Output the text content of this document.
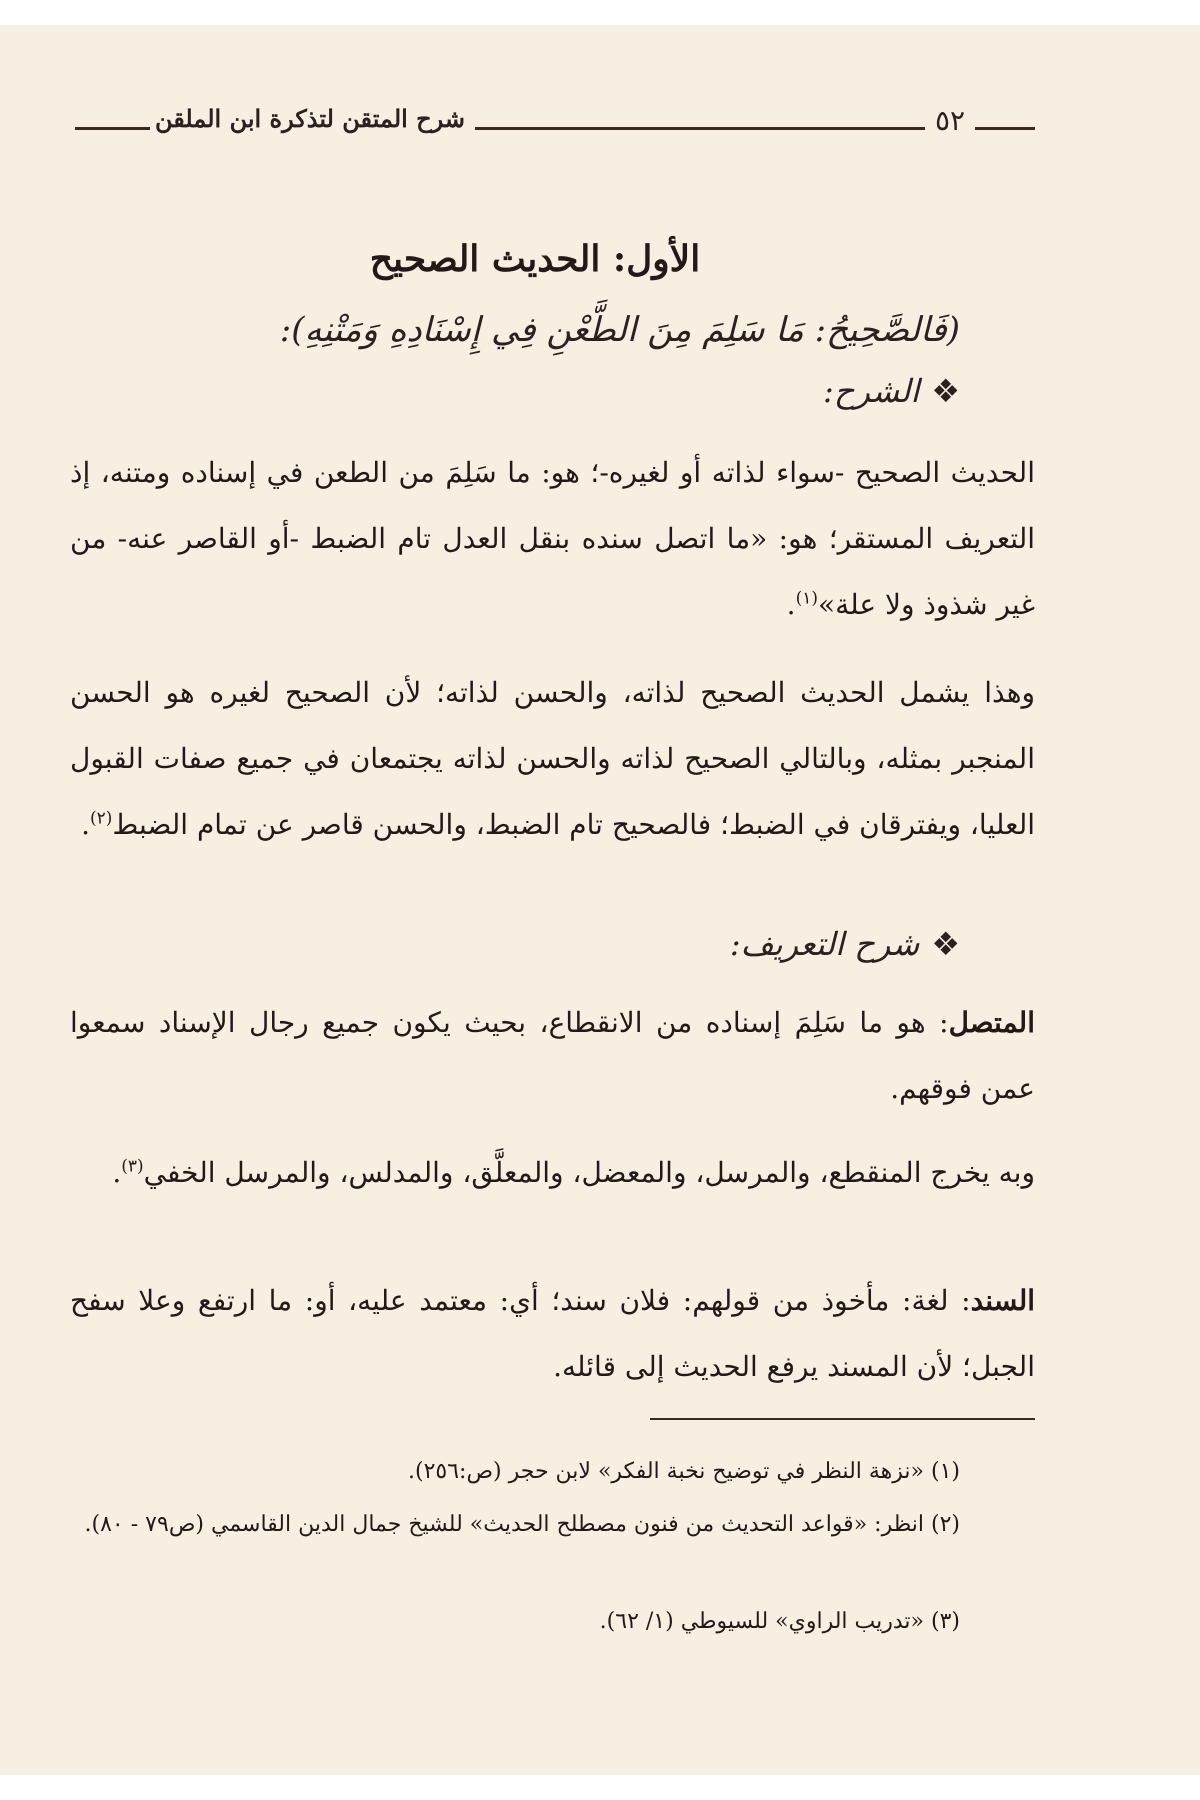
٥٢
شرح المتقن لتذكرة ابن الملقن
الأول: الحديث الصحيح
(فَالصَّحِيحُ: مَا سَلِمَ مِنَ الطَّعْنِ فِي إِسْنَادِهِ وَمَتْنِهِ):
❖الشرح:
الحديث الصحيح -سواء لذاته أو لغيره-؛ هو: ما سَلِمَ من الطعن في إسناده ومتنه، إذ التعريف المستقر؛ هو: «ما اتصل سنده بنقل العدل تام الضبط -أو القاصر عنه- من غير شذوذ ولا علة»$^{(١)}$.
وهذا يشمل الحديث الصحيح لذاته، والحسن لذاته؛ لأن الصحيح لغيره هو الحسن المنجبر بمثله، وبالتالي الصحيح لذاته والحسن لذاته يجتمعان في جميع صفات القبول العليا، ويفترقان في الضبط؛ فالصحيح تام الضبط، والحسن قاصر عن تمام الضبط$^{(٢)}$.
❖شرح التعريف:
المتصل: هو ما سَلِمَ إسناده من الانقطاع، بحيث يكون جميع رجال الإسناد سمعوا عمن فوقهم.
وبه يخرج المنقطع، والمرسل، والمعضل، والمعلَّق، والمدلس، والمرسل الخفي$^{(٣)}$.
السند: لغة: مأخوذ من قولهم: فلان سند؛ أي: معتمد عليه، أو: ما ارتفع وعلا سفح الجبل؛ لأن المسند يرفع الحديث إلى قائله.
(١) «نزهة النظر في توضيح نخبة الفكر» لابن حجر (ص:٢٥٦).
(٢) انظر: «قواعد التحديث من فنون مصطلح الحديث» للشيخ جمال الدين القاسمي (ص٧٩ - ٨٠).
(٣) «تدريب الراوي» للسيوطي (١/ ٦٢).
